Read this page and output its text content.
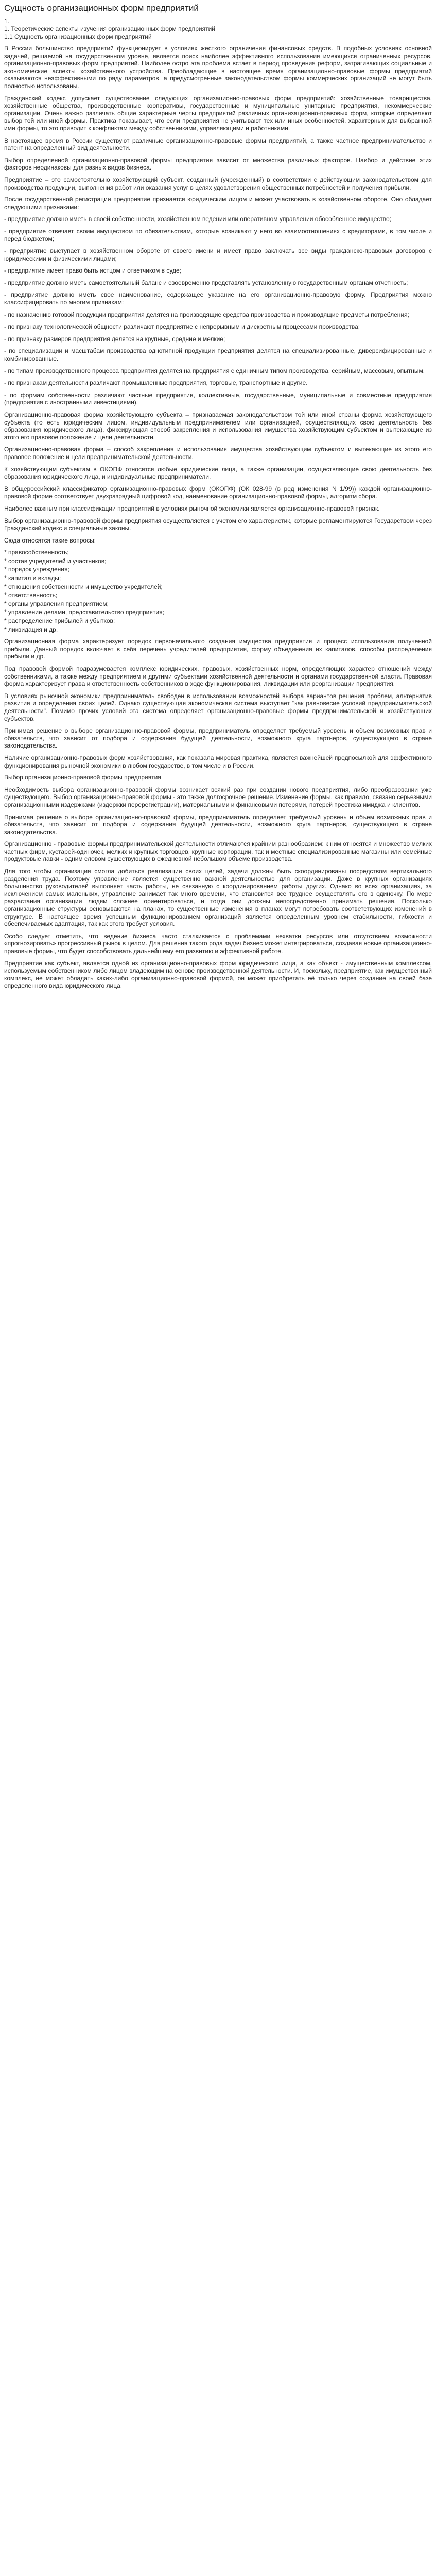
Сущность организационных форм предприятий

1.

1. Теоретические аспекты изучения организационных форм предприятий

1.1 Сущность организационных форм предприятий

В России большинство предприятий функционирует в условиях жесткого ограничения финансовых средств. В подобных условиях основной задачей, решаемой на государственном уровне, является поиск наиболее эффективного использования имеющихся ограниченных ресурсов, организационно-правовых форм предприятий. Наиболее остро эта проблема встает в период проведения реформ, затрагивающих социальные и экономические аспекты хозяйственного устройства. Преобладающие в настоящее время организационно-правовые формы предприятий оказываются неэффективными по ряду параметров, а предусмотренные законодательством формы коммерческих организаций не могут быть полностью использованы.

Гражданский кодекс допускает существование следующих организационно-правовых форм предприятий: хозяйственные товарищества, хозяйственные общества, производственные кооперативы, государственные и муниципальные унитарные предприятия, некоммерческие организации. Очень важно различать общие характерные черты предприятий различных организационно-правовых форм, которые определяют выбор той или иной формы. Практика показывает, что если предприятия не учитывают тех или иных особенностей, характерных для выбранной ими формы, то это приводит к конфликтам между собственниками, управляющими и работниками.

В настоящее время в России существуют различные организационно-правовые формы предприятий, а также частное предпринимательство и патент на определенный вид деятельности.

Выбор определенной организационно-правовой формы предприятия зависит от множества различных факторов. Наибор и действие этих факторов неодинаковы для разных видов бизнеса.

Предприятие – это самостоятельно хозяйствующий субъект, созданный (учрежденный) в соответствии с действующим законодательством для производства продукции, выполнения работ или оказания услуг в целях удовлетворения общественных потребностей и получения прибыли.

После государственной регистрации предприятие признается юридическим лицом и может участвовать в хозяйственном обороте. Оно обладает следующими признаками:

- предприятие должно иметь в своей собственности, хозяйственном ведении или оперативном управлении обособленное имущество;

- предприятие отвечает своим имуществом по обязательствам, которые возникают у него во взаимоотношениях с кредиторами, в том числе и перед бюджетом;

- предприятие выступает в хозяйственном обороте от своего имени и имеет право заключать все виды гражданско-правовых договоров с юридическими и физическими лицами;

- предприятие имеет право быть истцом и ответчиком в суде;

- предприятие должно иметь самостоятельный баланс и своевременно представлять установленную государственным органам отчетность;

- предприятие должно иметь свое наименование, содержащее указание на его организационно-правовую форму. Предприятия можно классифицировать по многим признакам:

- по назначению готовой продукции предприятия делятся на производящие средства производства и производящие предметы потребления;

- по признаку технологической общности различают предприятие с непрерывным и дискретным процессами производства;

- по признаку размеров предприятия делятся на крупные, средние и мелкие;

- по специализации и масштабам производства однотипной продукции предприятия делятся на специализированные, диверсифицированные и комбинированные.

- по типам производственного процесса предприятия делятся на предприятия с единичным типом производства, серийным, массовым, опытным.

- по признакам деятельности различают промышленные предприятия, торговые, транспортные и другие.

- по формам собственности различают частные предприятия, коллективные, государственные, муниципальные и совместные предприятия (предприятия с иностранными инвестициями).

Организационно-правовая форма хозяйствующего субъекта – признаваемая законодательством той или иной страны форма хозяйствующего субъекта (то есть юридическим лицом, индивидуальным предпринимателем или организацией, осуществляющих свою деятельность без образования юридического лица), фиксирующая способ закрепления и использования имущества хозяйствующим субъектом и вытекающие из этого его правовое положение и цели деятельности.

Организационно-правовая форма – способ закрепления и использования имущества хозяйствующим субъектом и вытекающие из этого его правовое положение и цели предпринимательской деятельности.

К хозяйствующим субъектам в ОКОПФ относятся любые юридические лица, а также организации, осуществляющие свою деятельность без образования юридического лица, и индивидуальные предприниматели.

В общероссийский классификатор организационно-правовых форм (ОКОПФ) (ОК 028-99 (в ред изменения N 1/99)) каждой организационно-правовой форме соответствует двухразрядный цифровой код, наименование организационно-правовой формы, алгоритм сбора.

Наиболее важным при классификации предприятий в условиях рыночной экономики является организационно-правовой признак.

Выбор организационно-правовой формы предприятия осуществляется с учетом его характеристик, которые регламентируются Государством через Гражданский кодекс и специальные законы.

Сюда относятся такие вопросы:

* правособственность;

* состав учредителей и участников;

* порядок учреждения;

* капитал и вклады;

* отношения собственности и имущество учредителей;

* ответственность;

* органы управления предприятием;

* управление делами, представительство предприятия;

* распределение прибылей и убытков;

* ликвидация и др.

Организационная форма характеризует порядок первоначального создания имущества предприятия и процесс использования полученной прибыли. Данный порядок включает в себя перечень учредителей предприятия, форму объединения их капиталов, способы распределения прибыли и др.

Под правовой формой подразумевается комплекс юридических, правовых, хозяйственных норм, определяющих характер отношений между собственниками, а также между предприятием и другими субъектами хозяйственной деятельности и органами государственной власти. Правовая форма характеризует права и ответственность собственников в ходе функционирования, ликвидации или реорганизации предприятия.

В условиях рыночной экономики предприниматель свободен в использовании возможностей выбора вариантов решения проблем, альтернатив развития и определения своих целей. Однако существующая экономическая система выступает "как равновесие условий предпринимательской деятельности". Помимо прочих условий эта система определяет организационно-правовые формы предпринимательской и хозяйствующих субъектов.

Принимая решение о выборе организационно-правовой формы, предприниматель определяет требуемый уровень и объем возможных прав и обязательств, что зависит от подбора и содержания будущей деятельности, возможного круга партнеров, существующего в стране законодательства.

Наличие организационно-правовых форм хозяйствования, как показала мировая практика, является важнейшей предпосылкой для эффективного функционирования рыночной экономики в любом государстве, в том числе и в России.

Выбор организационно-правовой формы предприятия

Необходимость выбора организационно-правовой формы возникает всякий раз при создании нового предприятия, либо преобразовании уже существующего. Выбор организационно-правовой формы - это также долгосрочное решение. Изменение формы, как правило, связано серьезными организационными издержками (издержки перерегистрации), материальными и финансовыми потерями, потерей престижа имиджа и клиентов.

Принимая решение о выборе организационно-правовой формы, предприниматель определяет требуемый уровень и объем возможных прав и обязательств, что зависит от подбора и содержания будущей деятельности, возможного круга партнеров, существующего в стране законодательства.

Организационно - правовые формы предпринимательской деятельности отличаются крайним разнообразием: к ним относятся и множество мелких частных фирм, кустарей-одиночек, мелких и крупных торговцев, крупные корпорации, так и местные специализированные магазины или семейные продуктовые лавки - одним словом существующих в ежедневной небольшом объеме производства.

Для того чтобы организация смогла добиться реализации своих целей, задачи должны быть скоординированы посредством вертикального разделения труда. Поэтому управление является существенно важной деятельностью для организации. Даже в крупных организациях большинство руководителей выполняет часть работы, не связанную с координированием работы других. Однако во всех организациях, за исключением самых маленьких, управление занимает так много времени, что становится все труднее осуществлять его в одиночку. По мере разрастания организации людям сложнее ориентироваться, и тогда они должны непосредственно принимать решения. Посколько организационные структуры основываются на планах, то существенные изменения в планах могут потребовать соответствующих изменений в структуре. В настоящее время успешным функционированием организаций является определенным уровнем стабильности, гибкости и обеспечиваемых адаптация, так как этого требует условия.

Особо следует отметить, что ведение бизнеса часто сталкивается с проблемами нехватки ресурсов или отсутствием возможности «прогнозировать» прогрессивный рынок в целом. Для решения такого рода задач бизнес может интегрироваться, создавая новые организационно-правовые формы, что будет способствовать дальнейшему его развитию и эффективной работе.

Предприятие как субъект, является одной из организационно-правовых форм юридического лица, а как объект - имущественным комплексом, используемым собственником либо лицом владеющим на основе производственной деятельности. И, поскольку, предприятие, как имущественный комплекс, не может обладать каких-либо организационно-правовой формой, он может приобретать её только через создание на своей базе определенного вида юридического лица.
